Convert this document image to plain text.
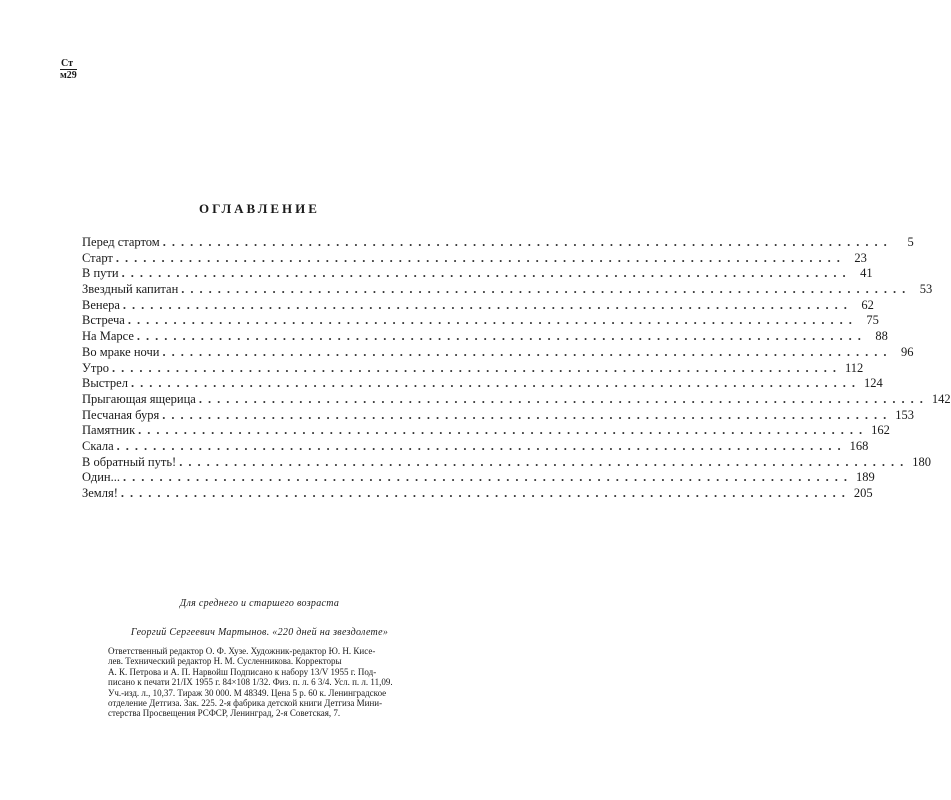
Ст
м29
ОГЛАВЛЕНИЕ
Перед стартом ................................................................................	5
Старт ................................................................................ 23
В пути ................................................................................ 41
Звездный капитан ................................................................................ 53
Венера ................................................................................ 62
Встреча ................................................................................ 75
На Марсе ................................................................................ 88
Во мраке ночи ................................................................................ 96
Утро ................................................................................ 112
Выстрел ................................................................................ 124
Прыгающая ящерица ................................................................................ 142
Песчаная буря ................................................................................ 153
Памятник ................................................................................ 162
Скала ................................................................................ 168
В обратный путь! ................................................................................ 180
Один... ................................................................................ 189
Земля! ................................................................................ 205
Для среднего и старшего возраста
Георгий Сергеевич Мартынов. «220 дней на звездолете»
Ответственный редактор О. Ф. Хузе. Художник-редактор Ю. Н. Кисе-
лев. Технический редактор Н. М. Сусленникова. Корректоры
А. К. Петрова и А. П. Нарвойш Подписано к набору 13/V 1955 г. Под-
писано к печати 21/IX 1955 г. 84×108 1/32. Физ. п. л. 6 3/4. Усл. п. л. 11,09.
Уч.-изд. л., 10,37. Тираж 30 000. М 48349. Цена 5 р. 60 к. Ленинградское
отделение Детгиза. Зак. 225. 2-я фабрика детской книги Детгиза Мини-
стерства Просвещения РСФСР, Ленинград, 2-я Советская, 7.
